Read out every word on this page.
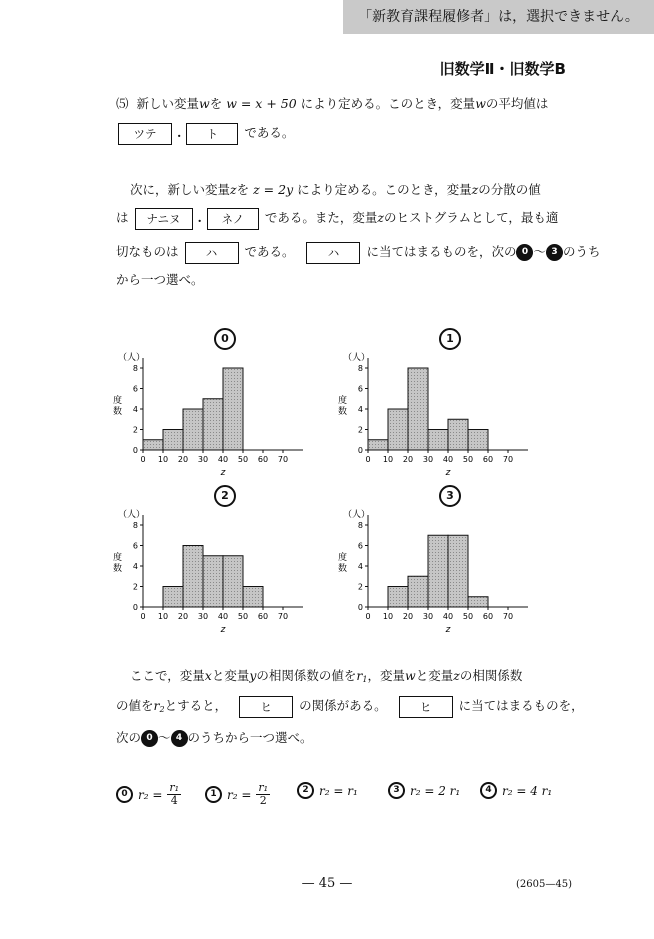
「新教育課程履修者」は，選択できません。
旧数学Ⅱ・旧数学B
⑸ 新しい変量wを w = x + 50 により定める。このとき，変量wの平均値は
ツテ . ト である。
次に，新しい変量zを z = 2y により定める。このとき，変量zの分散の値
は ナニヌ . ネノ である。また，変量zのヒストグラムとして，最も適
切なものは ハ である。	ハ に当てはまるものを，次の 0 〜 3 のうち
から一つ選べ。
0	1
2	3
（人）
度
数
0
2
4
6
8
0 10 20 30 40 50 60 70
z
（人）
度
数
0
2
4
6
8
0 10 20 30 40 50 60 70
z
（人）
度
数
0
2
4
6
8
0 10 20 30 40 50 60 70
z
（人）
度
数
0
2
4
6
8
0 10 20 30 40 50 60 70
z
ここで，変量xと変量yの相関係数の値を$r_1$，変量wと変量zの相関係数
の値を$r_2$とすると，	ヒ の関係がある。	ヒ に当てはまるものを，
次の 0 〜 4 のうちから一つ選べ。
0 $r_2 = \frac{\text{r₁}}{4}$	1 $r_2 = \frac{\text{r₁}}{2}$	2 r₂ = r₁	3 r₂ = 2 r₁	4 r₂ = 4 r₁
— 45 —	(2605—45)
